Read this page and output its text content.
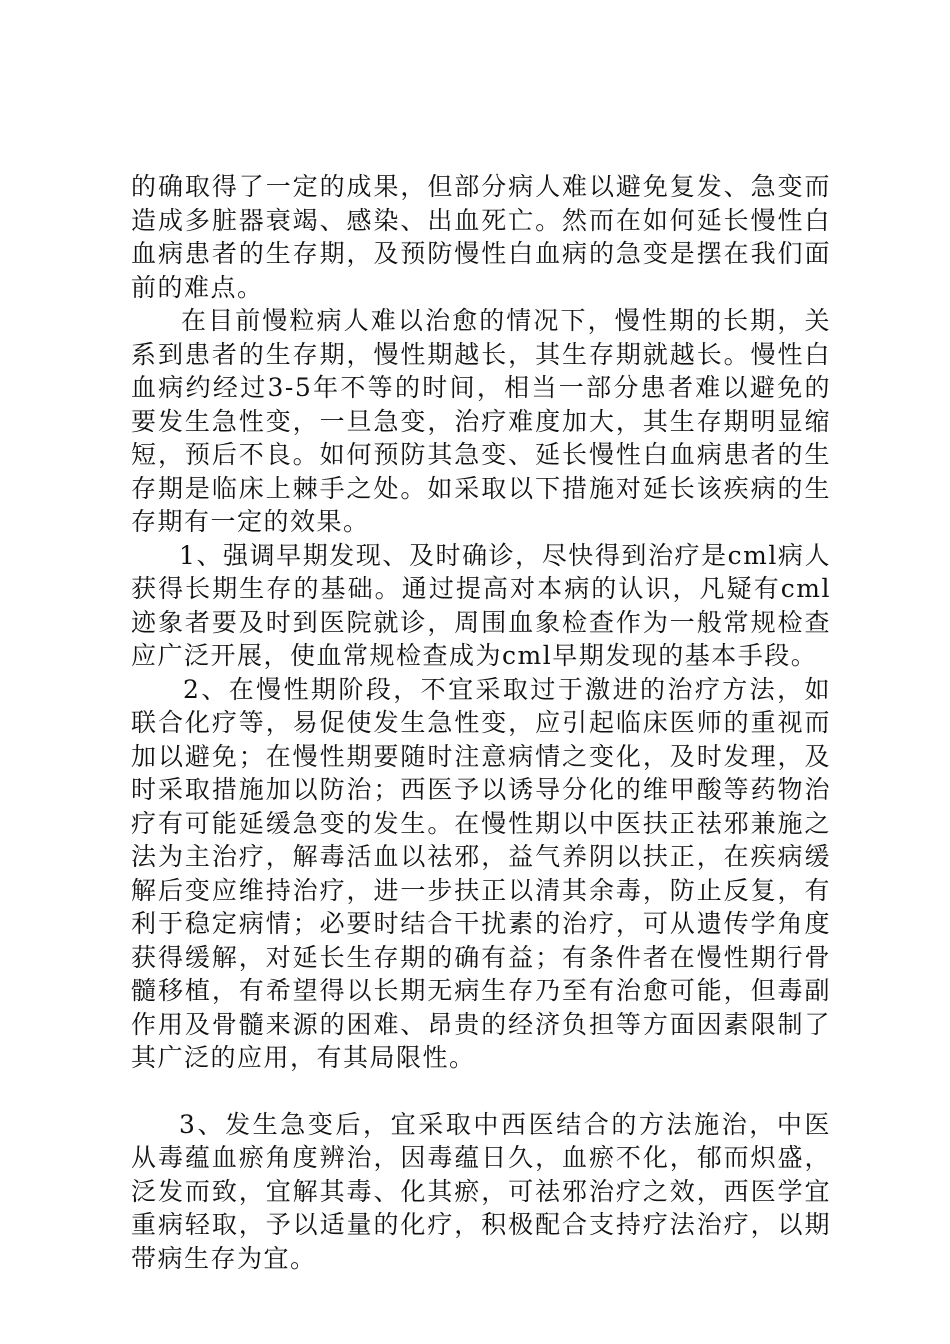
的确取得了一定的成果，但部分病人难以避免复发、急变而造成多脏器衰竭、感染、出血死亡。然而在如何延长慢性白血病患者的生存期，及预防慢性白血病的急变是摆在我们面前的难点。

在目前慢粒病人难以治愈的情况下，慢性期的长期，关系到患者的生存期，慢性期越长，其生存期就越长。慢性白血病约经过3-5年不等的时间，相当一部分患者难以避免的要发生急性变，一旦急变，治疗难度加大，其生存期明显缩短，预后不良。如何预防其急变、延长慢性白血病患者的生存期是临床上棘手之处。如采取以下措施对延长该疾病的生存期有一定的效果。

1、强调早期发现、及时确诊，尽快得到治疗是cml病人获得长期生存的基础。通过提高对本病的认识，凡疑有cml迹象者要及时到医院就诊，周围血象检查作为一般常规检查应广泛开展，使血常规检查成为cml早期发现的基本手段。

2、在慢性期阶段，不宜采取过于激进的治疗方法，如联合化疗等，易促使发生急性变，应引起临床医师的重视而加以避免；在慢性期要随时注意病情之变化，及时发理，及时采取措施加以防治；西医予以诱导分化的维甲酸等药物治疗有可能延缓急变的发生。在慢性期以中医扶正祛邪兼施之法为主治疗，解毒活血以祛邪，益气养阴以扶正，在疾病缓解后变应维持治疗，进一步扶正以清其余毒，防止反复，有利于稳定病情；必要时结合干扰素的治疗，可从遗传学角度获得缓解，对延长生存期的确有益；有条件者在慢性期行骨髓移植，有希望得以长期无病生存乃至有治愈可能，但毒副作用及骨髓来源的困难、昂贵的经济负担等方面因素限制了其广泛的应用，有其局限性。

3、发生急变后，宜采取中西医结合的方法施治，中医从毒蕴血瘀角度辨治，因毒蕴日久，血瘀不化，郁而炽盛，泛发而致，宜解其毒、化其瘀，可祛邪治疗之效，西医学宜重病轻取，予以适量的化疗，积极配合支持疗法治疗，以期带病生存为宜。
